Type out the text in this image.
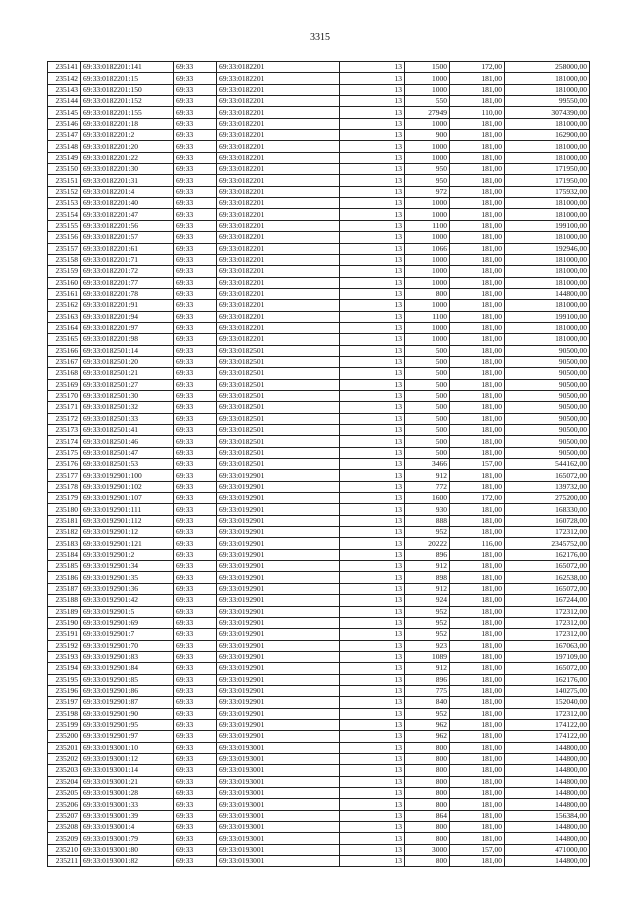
3315
235141	69:33:0182201:141	69:33	69:33:0182201	13	1500	172,00	258000,00
235142	69:33:0182201:15	69:33	69:33:0182201	13	1000	181,00	181000,00
235143	69:33:0182201:150	69:33	69:33:0182201	13	1000	181,00	181000,00
235144	69:33:0182201:152	69:33	69:33:0182201	13	550	181,00	99550,00
235145	69:33:0182201:155	69:33	69:33:0182201	13	27949	110,00	3074390,00
235146	69:33:0182201:18	69:33	69:33:0182201	13	1000	181,00	181000,00
235147	69:33:0182201:2	69:33	69:33:0182201	13	900	181,00	162900,00
235148	69:33:0182201:20	69:33	69:33:0182201	13	1000	181,00	181000,00
235149	69:33:0182201:22	69:33	69:33:0182201	13	1000	181,00	181000,00
235150	69:33:0182201:30	69:33	69:33:0182201	13	950	181,00	171950,00
235151	69:33:0182201:31	69:33	69:33:0182201	13	950	181,00	171950,00
235152	69:33:0182201:4	69:33	69:33:0182201	13	972	181,00	175932,00
235153	69:33:0182201:40	69:33	69:33:0182201	13	1000	181,00	181000,00
235154	69:33:0182201:47	69:33	69:33:0182201	13	1000	181,00	181000,00
235155	69:33:0182201:56	69:33	69:33:0182201	13	1100	181,00	199100,00
235156	69:33:0182201:57	69:33	69:33:0182201	13	1000	181,00	181000,00
235157	69:33:0182201:61	69:33	69:33:0182201	13	1066	181,00	192946,00
235158	69:33:0182201:71	69:33	69:33:0182201	13	1000	181,00	181000,00
235159	69:33:0182201:72	69:33	69:33:0182201	13	1000	181,00	181000,00
235160	69:33:0182201:77	69:33	69:33:0182201	13	1000	181,00	181000,00
235161	69:33:0182201:78	69:33	69:33:0182201	13	800	181,00	144800,00
235162	69:33:0182201:91	69:33	69:33:0182201	13	1000	181,00	181000,00
235163	69:33:0182201:94	69:33	69:33:0182201	13	1100	181,00	199100,00
235164	69:33:0182201:97	69:33	69:33:0182201	13	1000	181,00	181000,00
235165	69:33:0182201:98	69:33	69:33:0182201	13	1000	181,00	181000,00
235166	69:33:0182501:14	69:33	69:33:0182501	13	500	181,00	90500,00
235167	69:33:0182501:20	69:33	69:33:0182501	13	500	181,00	90500,00
235168	69:33:0182501:21	69:33	69:33:0182501	13	500	181,00	90500,00
235169	69:33:0182501:27	69:33	69:33:0182501	13	500	181,00	90500,00
235170	69:33:0182501:30	69:33	69:33:0182501	13	500	181,00	90500,00
235171	69:33:0182501:32	69:33	69:33:0182501	13	500	181,00	90500,00
235172	69:33:0182501:33	69:33	69:33:0182501	13	500	181,00	90500,00
235173	69:33:0182501:41	69:33	69:33:0182501	13	500	181,00	90500,00
235174	69:33:0182501:46	69:33	69:33:0182501	13	500	181,00	90500,00
235175	69:33:0182501:47	69:33	69:33:0182501	13	500	181,00	90500,00
235176	69:33:0182501:53	69:33	69:33:0182501	13	3466	157,00	544162,00
235177	69:33:0192901:100	69:33	69:33:0192901	13	912	181,00	165072,00
235178	69:33:0192901:102	69:33	69:33:0192901	13	772	181,00	139732,00
235179	69:33:0192901:107	69:33	69:33:0192901	13	1600	172,00	275200,00
235180	69:33:0192901:111	69:33	69:33:0192901	13	930	181,00	168330,00
235181	69:33:0192901:112	69:33	69:33:0192901	13	888	181,00	160728,00
235182	69:33:0192901:12	69:33	69:33:0192901	13	952	181,00	172312,00
235183	69:33:0192901:121	69:33	69:33:0192901	13	20222	116,00	2345752,00
235184	69:33:0192901:2	69:33	69:33:0192901	13	896	181,00	162176,00
235185	69:33:0192901:34	69:33	69:33:0192901	13	912	181,00	165072,00
235186	69:33:0192901:35	69:33	69:33:0192901	13	898	181,00	162538,00
235187	69:33:0192901:36	69:33	69:33:0192901	13	912	181,00	165072,00
235188	69:33:0192901:42	69:33	69:33:0192901	13	924	181,00	167244,00
235189	69:33:0192901:5	69:33	69:33:0192901	13	952	181,00	172312,00
235190	69:33:0192901:69	69:33	69:33:0192901	13	952	181,00	172312,00
235191	69:33:0192901:7	69:33	69:33:0192901	13	952	181,00	172312,00
235192	69:33:0192901:70	69:33	69:33:0192901	13	923	181,00	167063,00
235193	69:33:0192901:83	69:33	69:33:0192901	13	1089	181,00	197109,00
235194	69:33:0192901:84	69:33	69:33:0192901	13	912	181,00	165072,00
235195	69:33:0192901:85	69:33	69:33:0192901	13	896	181,00	162176,00
235196	69:33:0192901:86	69:33	69:33:0192901	13	775	181,00	140275,00
235197	69:33:0192901:87	69:33	69:33:0192901	13	840	181,00	152040,00
235198	69:33:0192901:90	69:33	69:33:0192901	13	952	181,00	172312,00
235199	69:33:0192901:95	69:33	69:33:0192901	13	962	181,00	174122,00
235200	69:33:0192901:97	69:33	69:33:0192901	13	962	181,00	174122,00
235201	69:33:0193001:10	69:33	69:33:0193001	13	800	181,00	144800,00
235202	69:33:0193001:12	69:33	69:33:0193001	13	800	181,00	144800,00
235203	69:33:0193001:14	69:33	69:33:0193001	13	800	181,00	144800,00
235204	69:33:0193001:21	69:33	69:33:0193001	13	800	181,00	144800,00
235205	69:33:0193001:28	69:33	69:33:0193001	13	800	181,00	144800,00
235206	69:33:0193001:33	69:33	69:33:0193001	13	800	181,00	144800,00
235207	69:33:0193001:39	69:33	69:33:0193001	13	864	181,00	156384,00
235208	69:33:0193001:4	69:33	69:33:0193001	13	800	181,00	144800,00
235209	69:33:0193001:79	69:33	69:33:0193001	13	800	181,00	144800,00
235210	69:33:0193001:80	69:33	69:33:0193001	13	3000	157,00	471000,00
235211	69:33:0193001:82	69:33	69:33:0193001	13	800	181,00	144800,00
